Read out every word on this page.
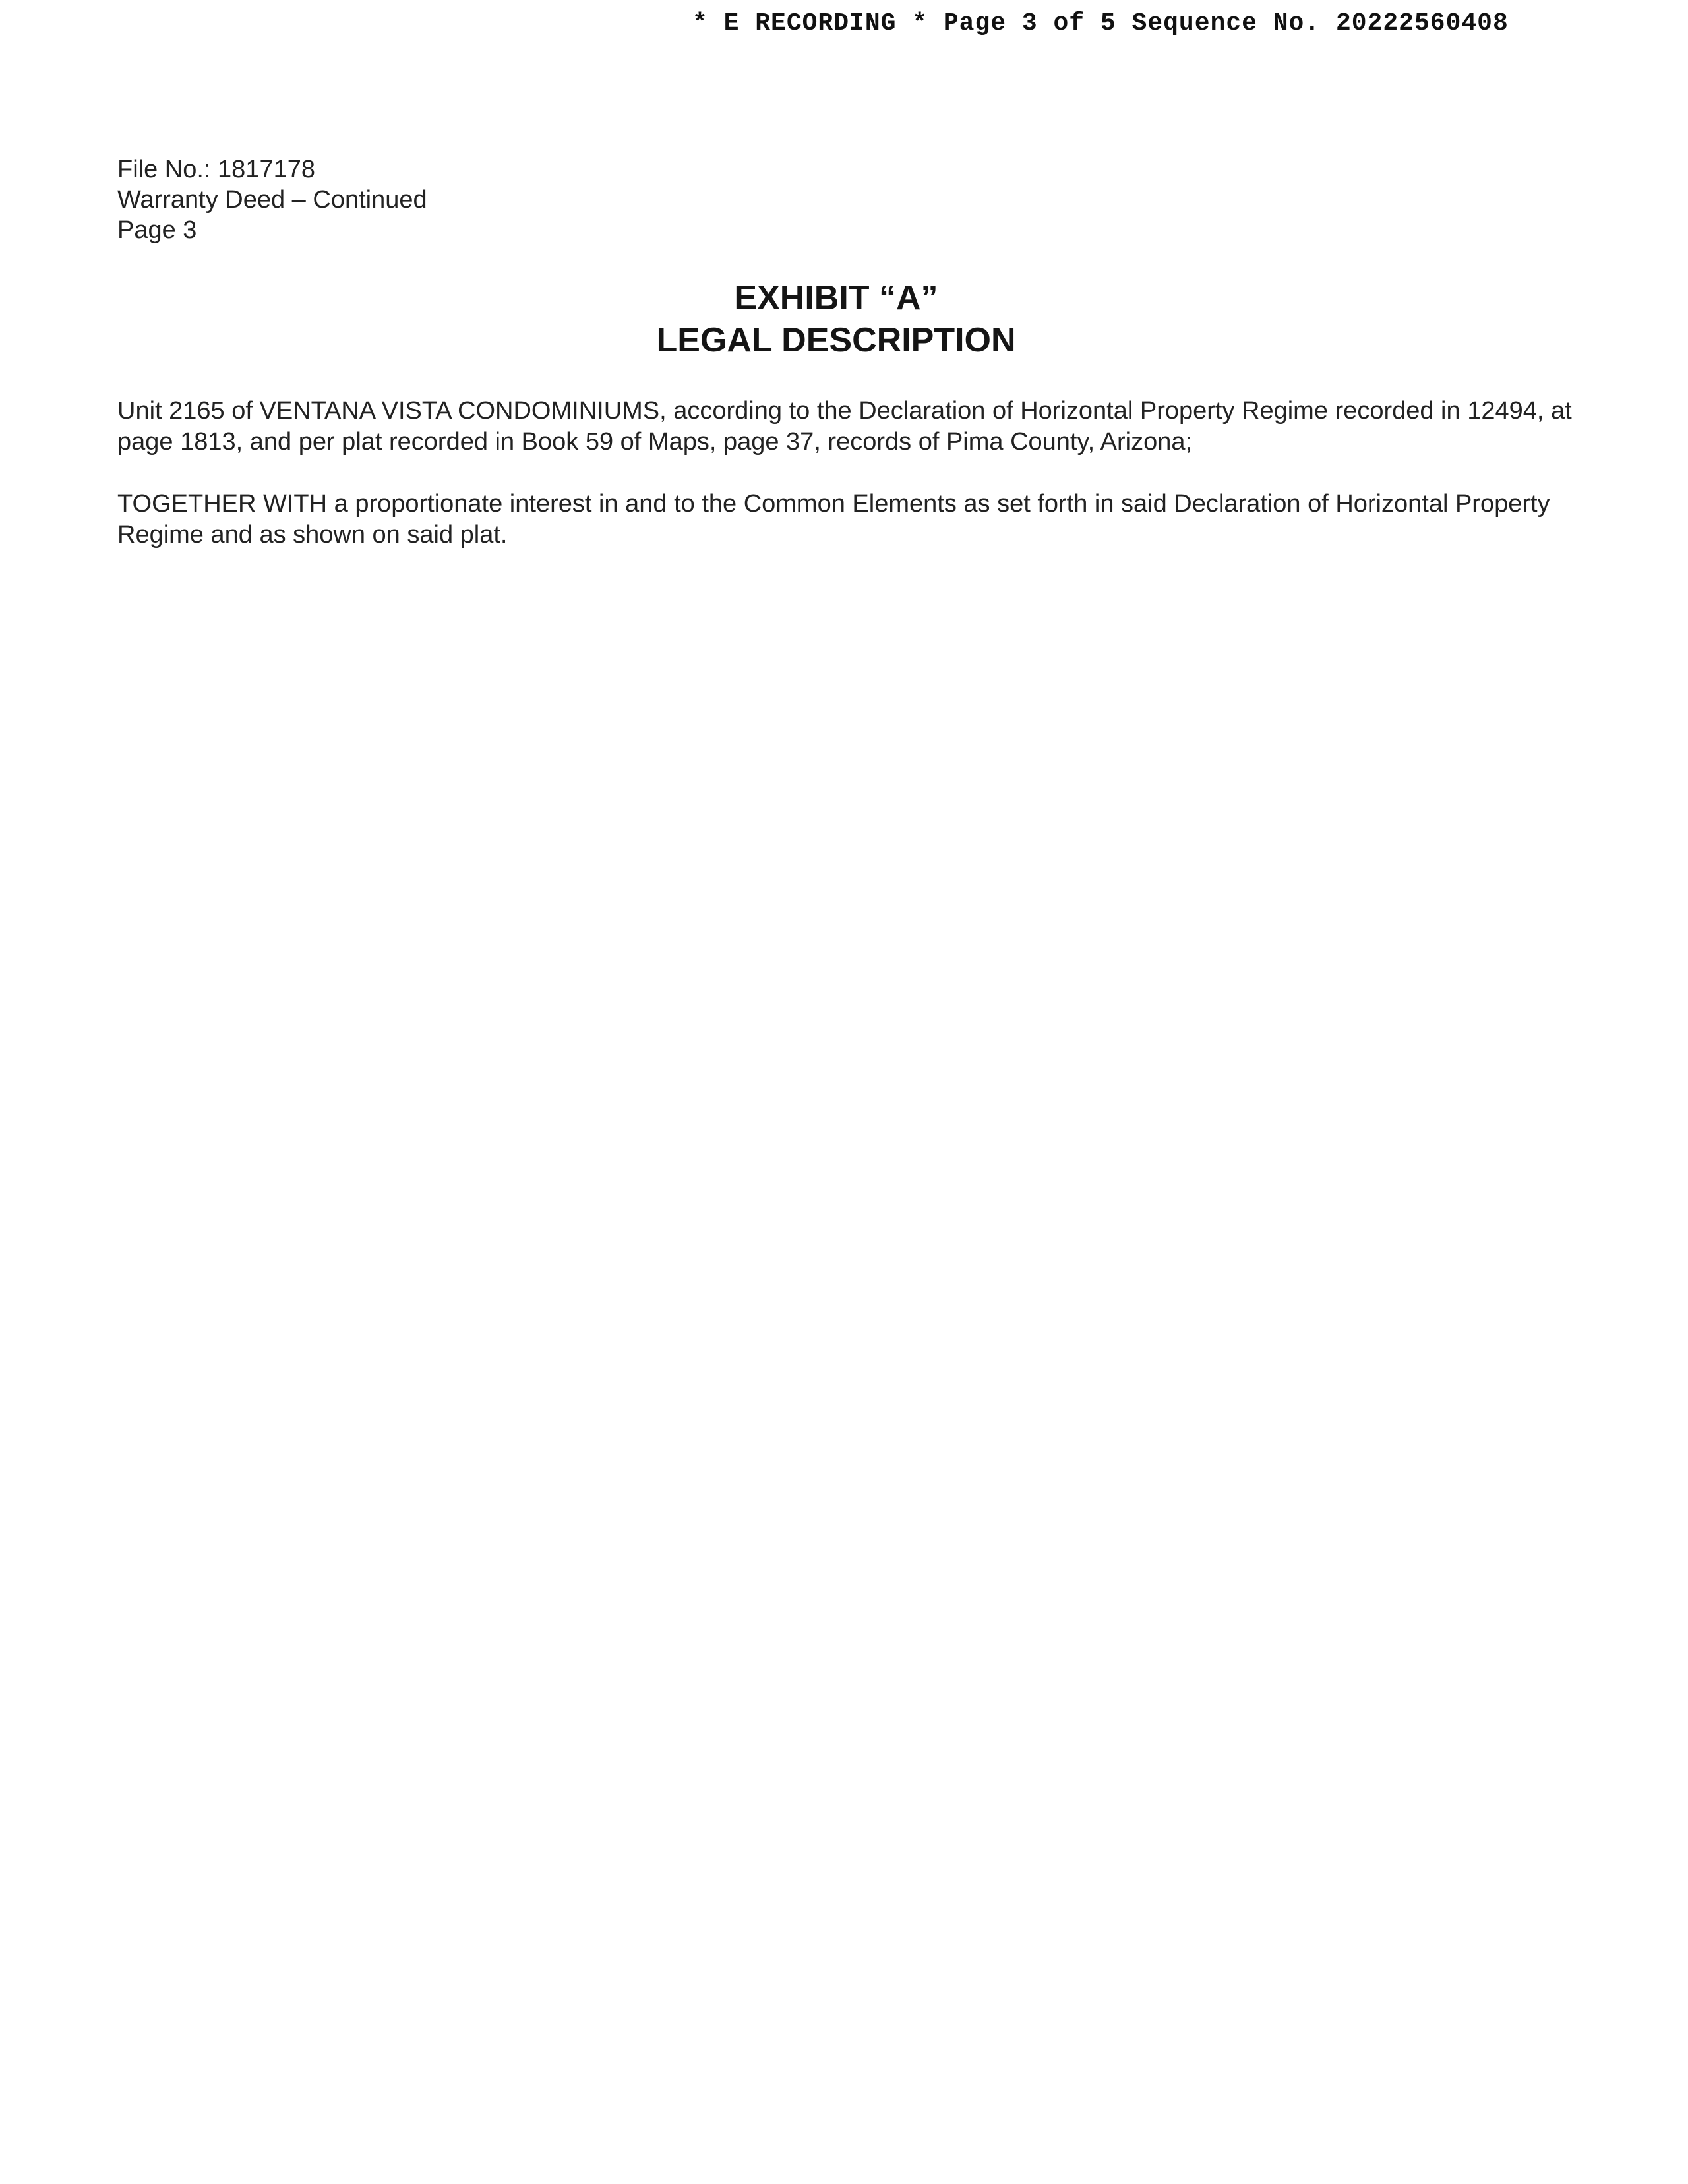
* E RECORDING * Page 3 of 5 Sequence No. 20222560408
File No.: 1817178
Warranty Deed – Continued
Page 3
EXHIBIT “A”
LEGAL DESCRIPTION

Unit 2165 of VENTANA VISTA CONDOMINIUMS, according to the Declaration of Horizontal Property Regime recorded in 12494, at page 1813, and per plat recorded in Book 59 of Maps, page 37, records of Pima County, Arizona;

TOGETHER WITH a proportionate interest in and to the Common Elements as set forth in said Declaration of Horizontal Property Regime and as shown on said plat.
